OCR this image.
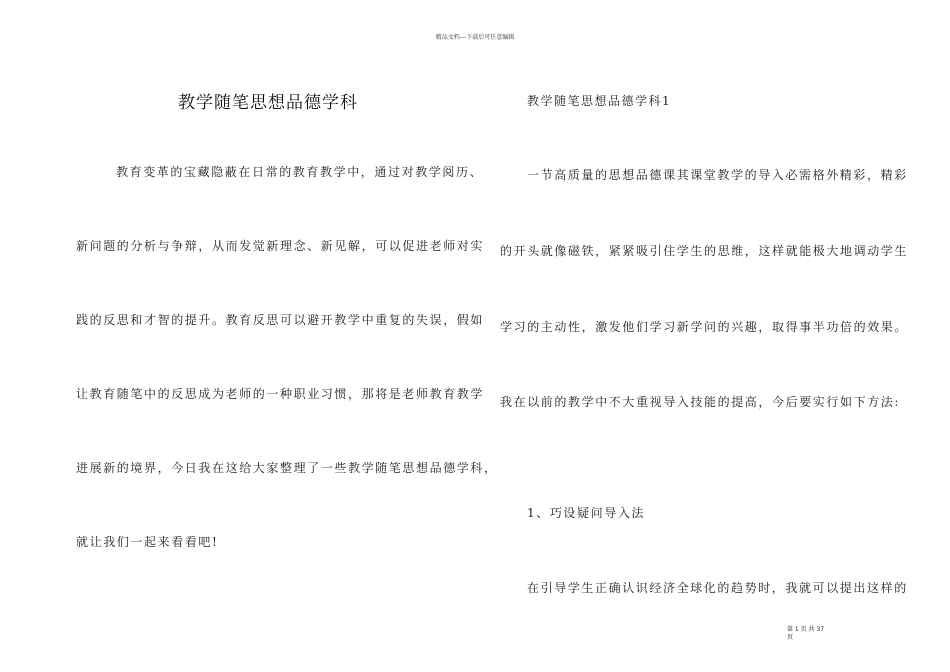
精品文档---下载后可任意编辑
教学随笔思想品德学科
教育变革的宝藏隐蔽在日常的教育教学中，通过对教学阅历、
新问题的分析与争辩，从而发觉新理念、新见解，可以促进老师对实
践的反思和才智的提升。教育反思可以避开教学中重复的失误，假如
让教育随笔中的反思成为老师的一种职业习惯，那将是老师教育教学
进展新的境界，今日我在这给大家整理了一些教学随笔思想品德学科，
就让我们一起来看看吧!
教学随笔思想品德学科1
一节高质量的思想品德课其课堂教学的导入必需格外精彩，精彩
的开头就像磁铁，紧紧吸引住学生的思维，这样就能极大地调动学生
学习的主动性，激发他们学习新学问的兴趣，取得事半功倍的效果。
我在以前的教学中不大重视导入技能的提高，今后要实行如下方法:
1、巧设疑问导入法
在引导学生正确认识经济全球化的趋势时，我就可以提出这样的
第 1 页 共 37 页
